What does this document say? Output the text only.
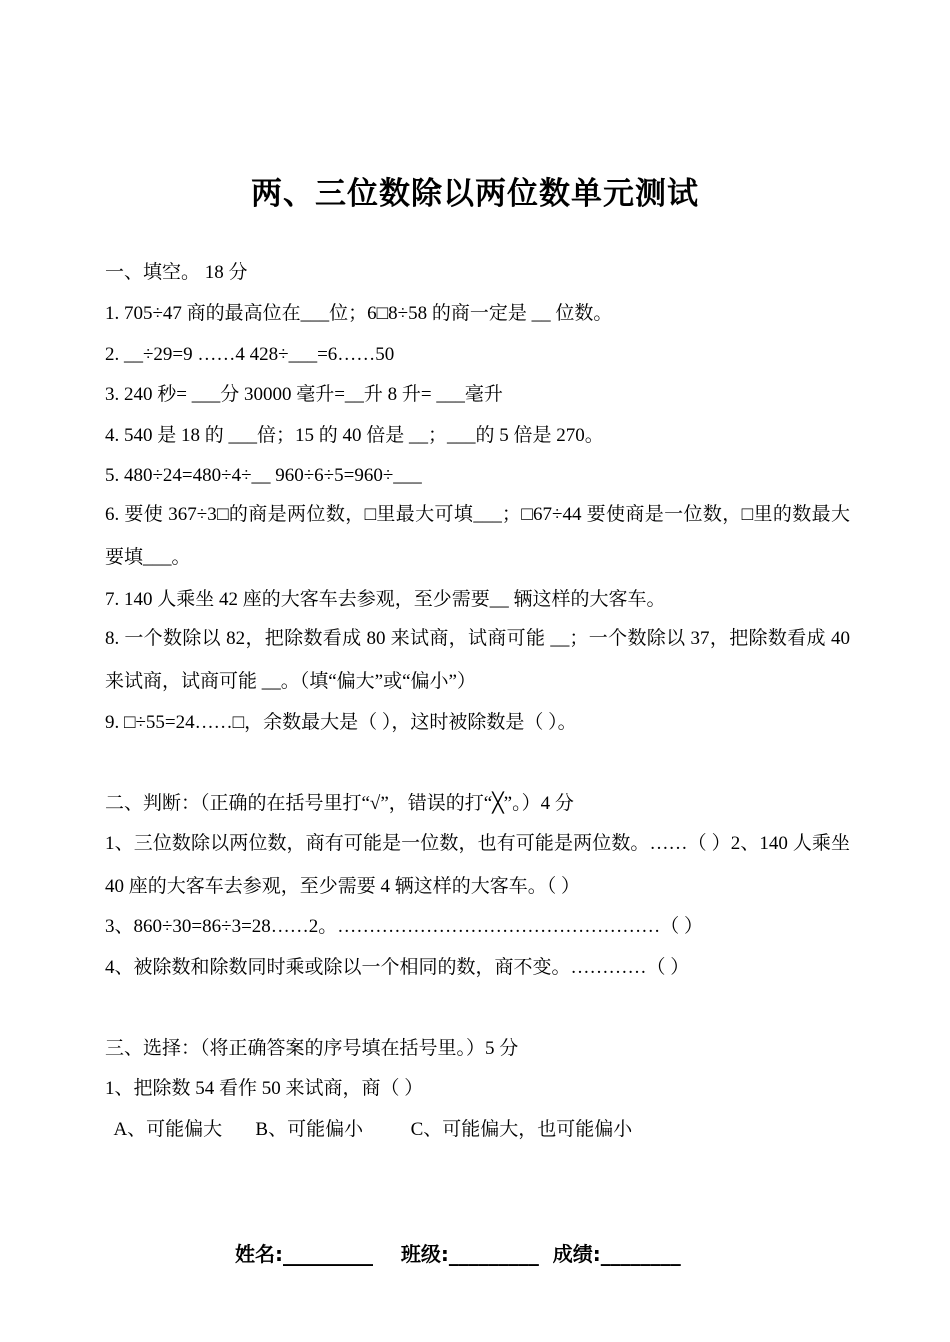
两、三位数除以两位数单元测试
一、填空。 18 分
1. 705÷47 商的最高位在___位；6□8÷58 的商一定是 __ 位数。
2. __÷29=9 ……4 428÷___=6……50
3. 240 秒= ___分 30000 毫升=__升 8 升= ___毫升
4. 540 是 18 的 ___倍；15 的 40 倍是 __；___的 5 倍是 270。
5. 480÷24=480÷4÷__ 960÷6÷5=960÷___
6. 要使 367÷3□的商是两位数，□里最大可填___；□67÷44 要使商是一位数，□里的数最大要填___。
7. 140 人乘坐 42 座的大客车去参观，至少需要__ 辆这样的大客车。
8. 一个数除以 82，把除数看成 80 来试商，试商可能 __；一个数除以 37，把除数看成 40 来试商，试商可能 __。（填“偏大”或“偏小”）
9. □÷55=24……□，余数最大是（ ），这时被除数是（ ）。
二、判断：（正确的在括号里打“√”，错误的打“╳”。）4 分
1、三位数除以两位数，商有可能是一位数，也有可能是两位数。……（ ）2、140 人乘坐 40 座的大客车去参观，至少需要 4 辆这样的大客车。（ ）
3、860÷30=86÷3=28……2。……………………………………………（ ）
4、被除数和除数同时乘或除以一个相同的数，商不变。…………（ ）
三、选择：（将正确答案的序号填在括号里。）5 分
1、把除数 54 看作 50 来试商，商（ ）
A、可能偏大       B、可能偏小          C、可能偏大，也可能偏小
姓名:_________    班级:_________  成绩:________
